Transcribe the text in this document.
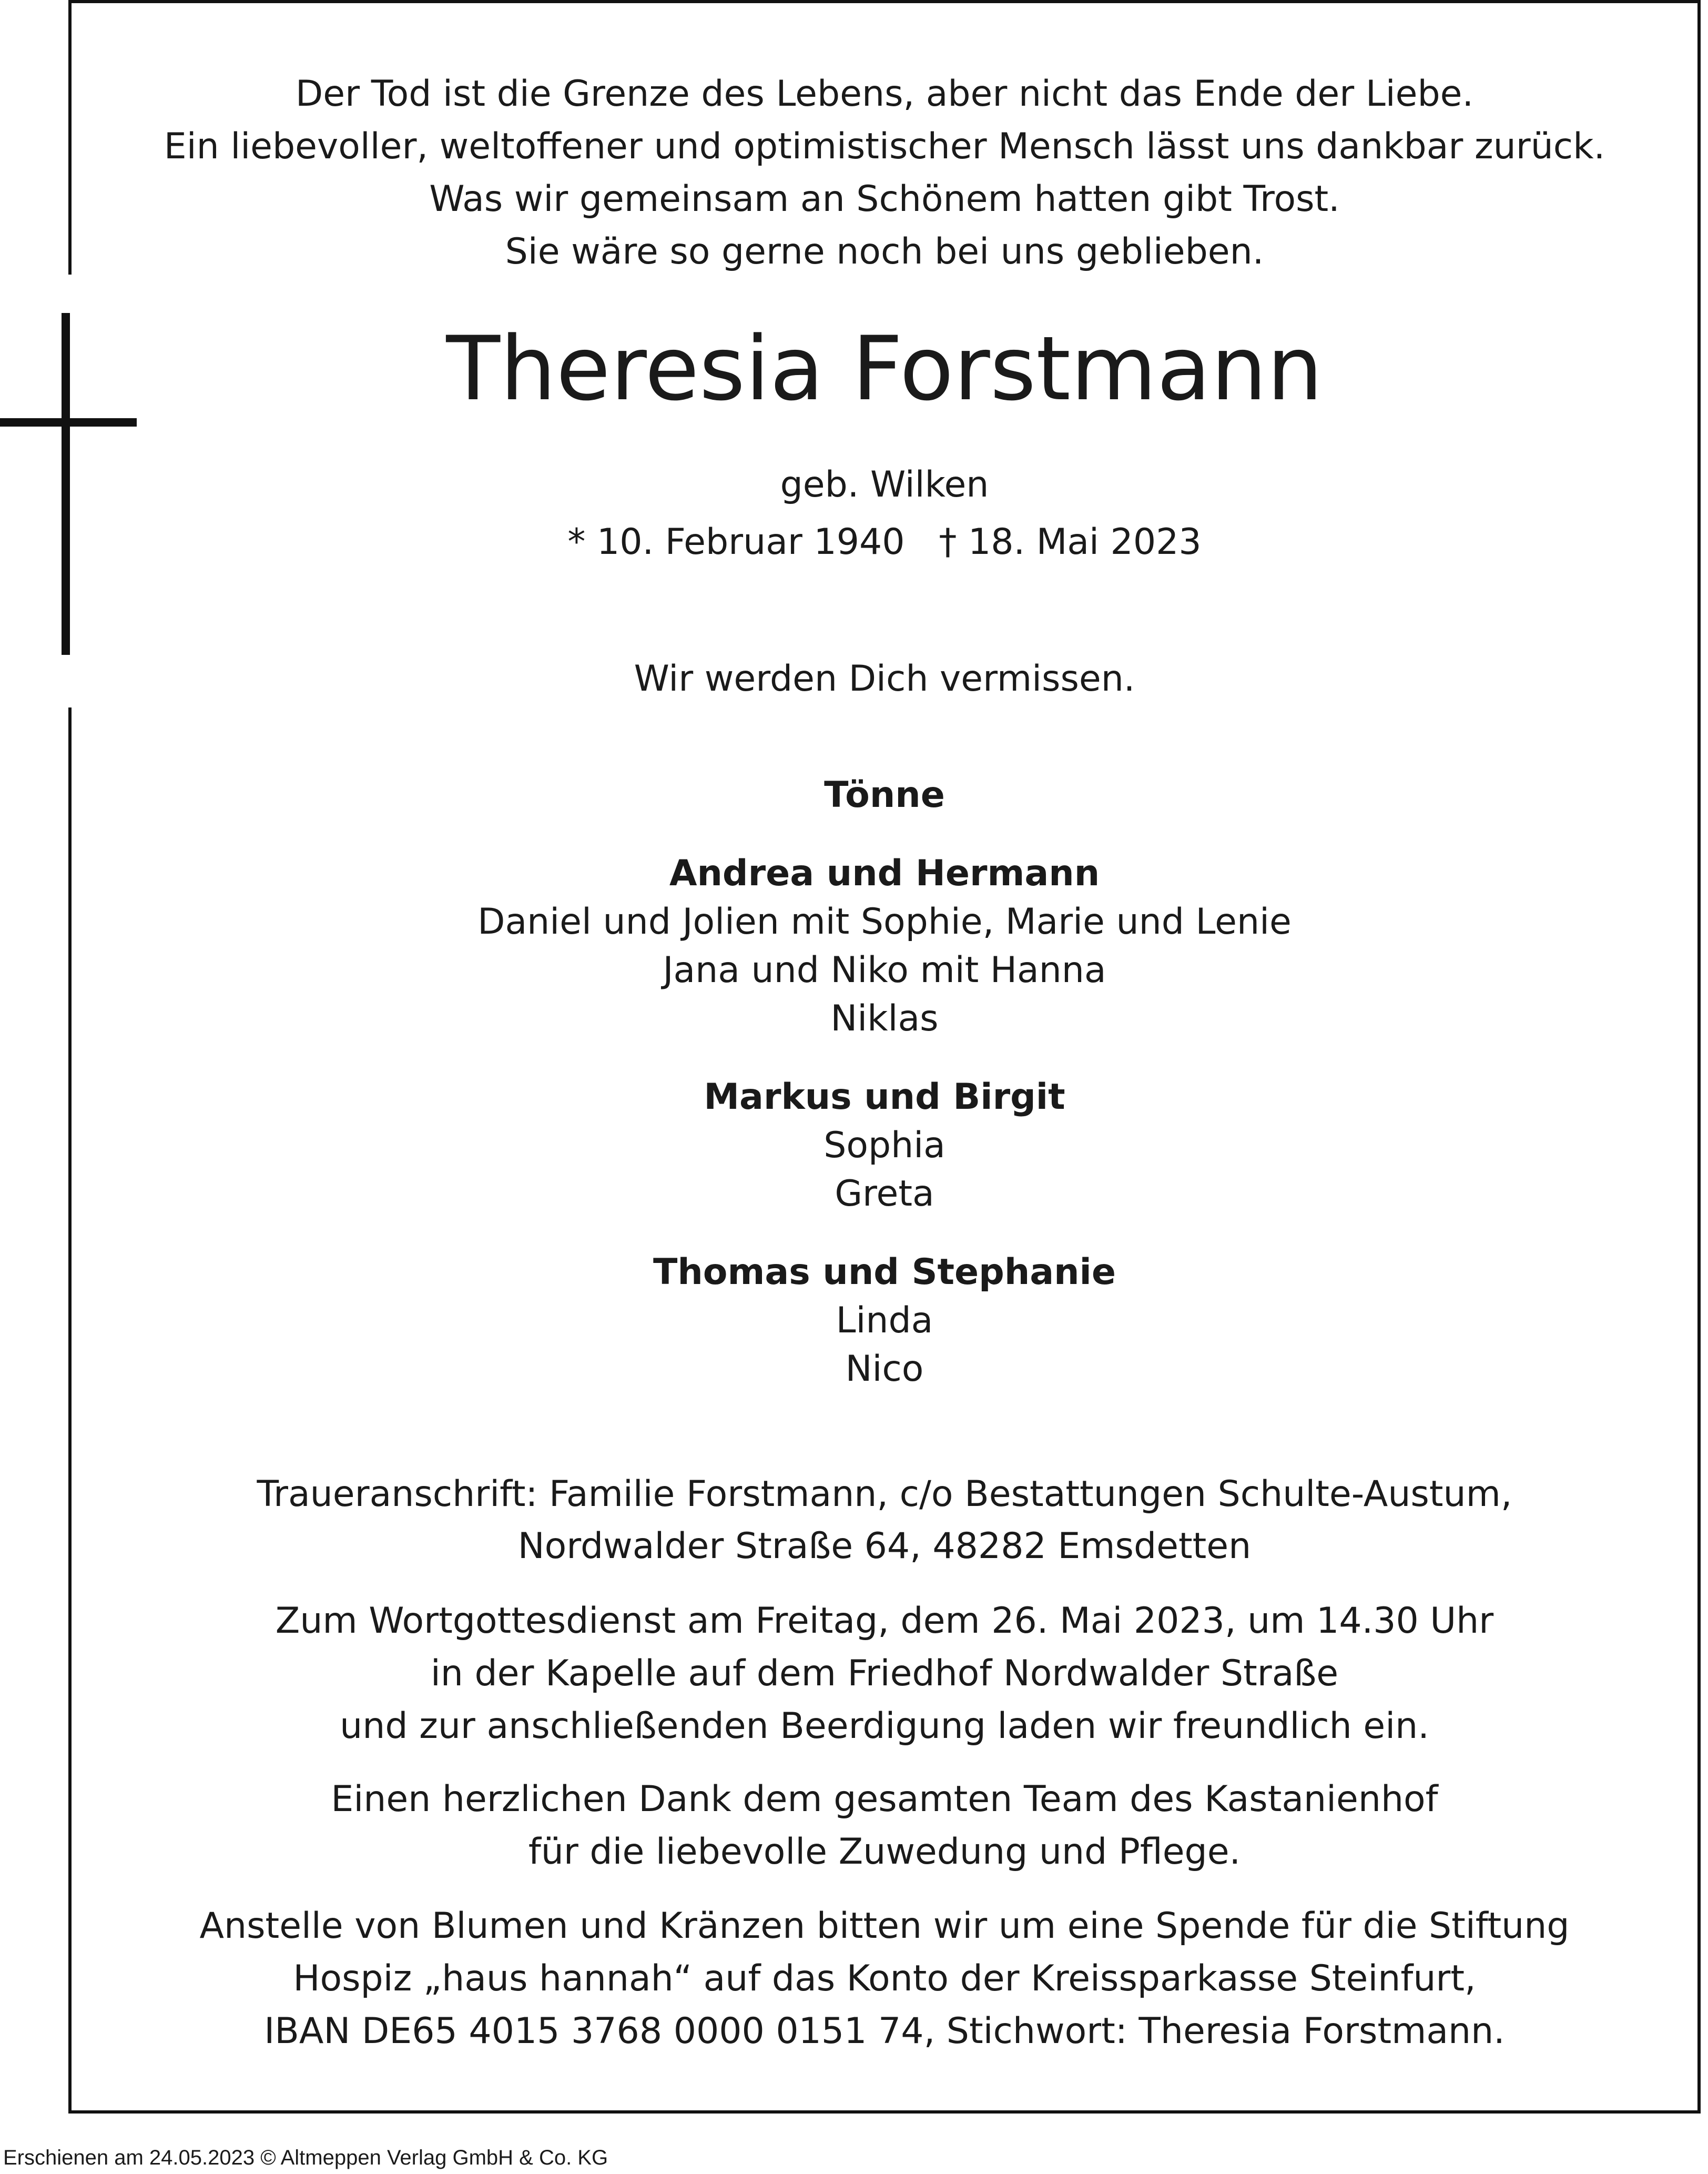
Der Tod ist die Grenze des Lebens, aber nicht das Ende der Liebe.
Ein liebevoller, weltoffener und optimistischer Mensch lässt uns dankbar zurück.
Was wir gemeinsam an Schönem hatten gibt Trost.
Sie wäre so gerne noch bei uns geblieben.
Theresia Forstmann
geb. Wilken
* 10. Februar 1940   † 18. Mai 2023
Wir werden Dich vermissen.
Tönne
Andrea und Hermann
Daniel und Jolien mit Sophie, Marie und Lenie
Jana und Niko mit Hanna
Niklas
Markus und Birgit
Sophia
Greta
Thomas und Stephanie
Linda
Nico
Traueranschrift: Familie Forstmann, c/o Bestattungen Schulte-Austum,
Nordwalder Straße 64, 48282 Emsdetten
Zum Wortgottesdienst am Freitag, dem 26. Mai 2023, um 14.30 Uhr
in der Kapelle auf dem Friedhof Nordwalder Straße
und zur anschließenden Beerdigung laden wir freundlich ein.
Einen herzlichen Dank dem gesamten Team des Kastanienhof
für die liebevolle Zuwedung und Pflege.
Anstelle von Blumen und Kränzen bitten wir um eine Spende für die Stiftung
Hospiz „haus hannah“ auf das Konto der Kreissparkasse Steinfurt,
IBAN DE65 4015 3768 0000 0151 74, Stichwort: Theresia Forstmann.
Erschienen am 24.05.2023 © Altmeppen Verlag GmbH & Co. KG
